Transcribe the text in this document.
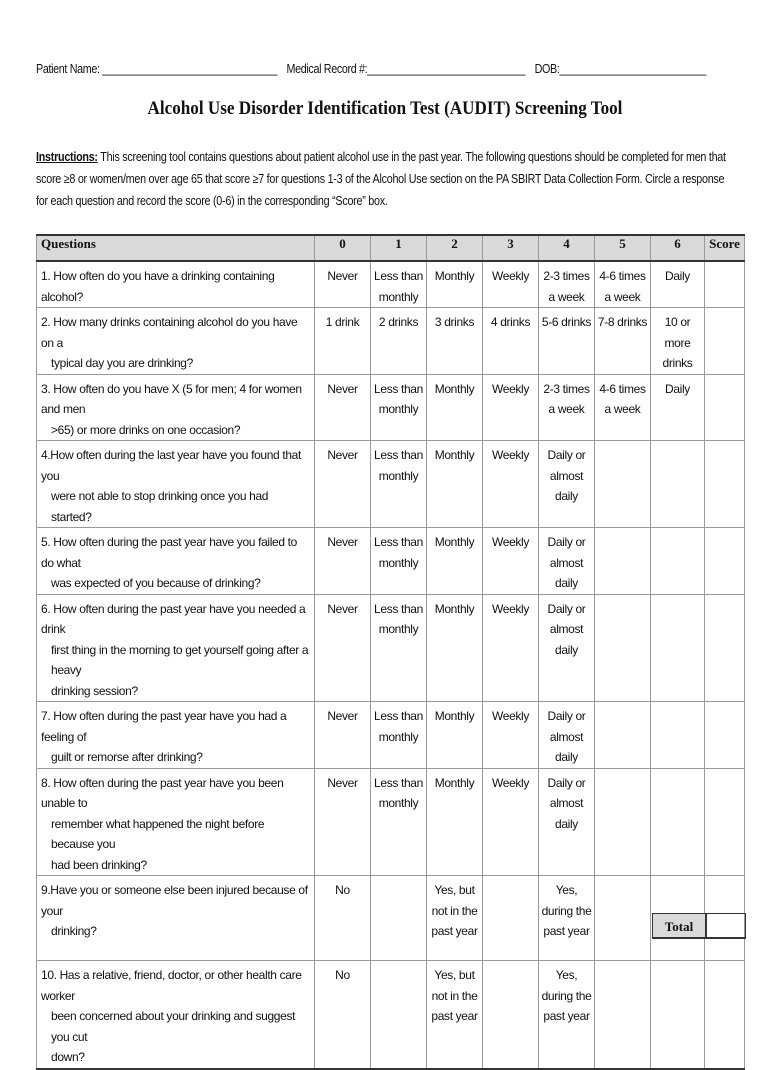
Patient Name: _______________________________ Medical Record #:____________________________ DOB:__________________________
Alcohol Use Disorder Identification Test (AUDIT) Screening Tool
Instructions: This screening tool contains questions about patient alcohol use in the past year. The following questions should be completed for men that score ≥8 or women/men over age 65 that score ≥7 for questions 1-3 of the Alcohol Use section on the PA SBIRT Data Collection Form. Circle a response for each question and record the score (0-6) in the corresponding “Score” box.
Questions	0	1	2	3	4	5	6	Score

1. How often do you have a drinking containing alcohol?	Never	Less than monthly	Monthly	Weekly	2-3 times a week	4-6 times a week	Daily	

2. How many drinks containing alcohol do you have on a
typical day you are drinking?	1 drink	2 drinks	3 drinks	4 drinks	5-6 drinks	7-8 drinks	10 or more drinks	

3. How often do you have X (5 for men; 4 for women and men
>65) or more drinks on one occasion?	Never	Less than monthly	Monthly	Weekly	2-3 times a week	4-6 times a week	Daily	

4.How often during the last year have you found that you
were not able to stop drinking once you had started?	Never	Less than monthly	Monthly	Weekly	Daily or almost daily			

5. How often during the past year have you failed to do what
was expected of you because of drinking?	Never	Less than monthly	Monthly	Weekly	Daily or almost daily			

6. How often during the past year have you needed a drink
first thing in the morning to get yourself going after a heavy
drinking session?	Never	Less than monthly	Monthly	Weekly	Daily or almost daily			

7. How often during the past year have you had a feeling of
guilt or remorse after drinking?	Never	Less than monthly	Monthly	Weekly	Daily or almost daily			

8. How often during the past year have you been unable to
remember what happened the night before because you
had been drinking?	Never	Less than monthly	Monthly	Weekly	Daily or almost daily			

9.Have you or someone else been injured because of your
drinking?	No		Yes, but not in the past year		Yes, during the past year			

10. Has a relative, friend, doctor, or other health care worker
been concerned about your drinking and suggest you cut
down?	No		Yes, but not in the past year		Yes, during the past year			

Total
